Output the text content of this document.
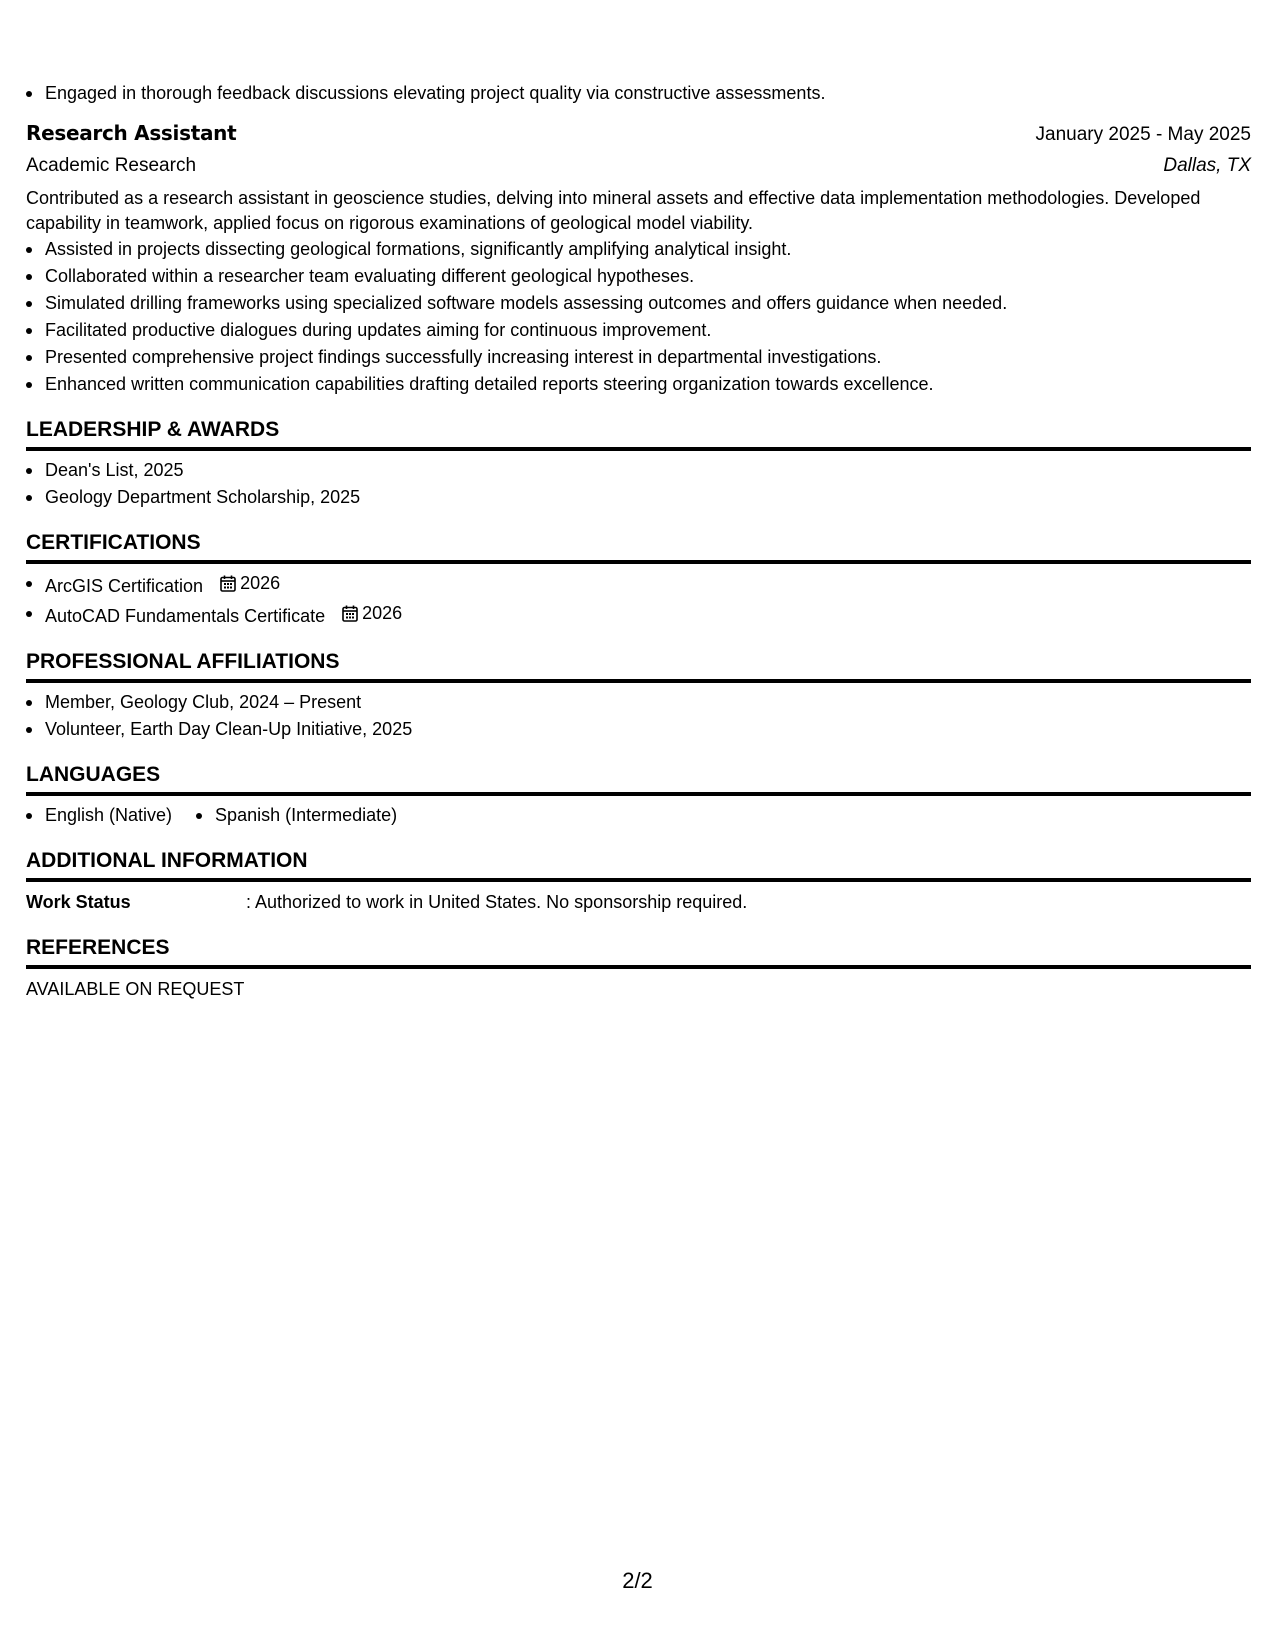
Engaged in thorough feedback discussions elevating project quality via constructive assessments.
Research Assistant	January 2025 - May 2025
Academic Research	Dallas, TX

Contributed as a research assistant in geoscience studies, delving into mineral assets and effective data implementation methodologies. Developed capability in teamwork, applied focus on rigorous examinations of geological model viability.

Assisted in projects dissecting geological formations, significantly amplifying analytical insight.
Collaborated within a researcher team evaluating different geological hypotheses.
Simulated drilling frameworks using specialized software models assessing outcomes and offers guidance when needed.
Facilitated productive dialogues during updates aiming for continuous improvement.
Presented comprehensive project findings successfully increasing interest in departmental investigations.
Enhanced written communication capabilities drafting detailed reports steering organization towards excellence.
LEADERSHIP & AWARDS
Dean's List, 2025
Geology Department Scholarship, 2025
CERTIFICATIONS
ArcGIS Certification 2026
AutoCAD Fundamentals Certificate 2026
PROFESSIONAL AFFILIATIONS
Member, Geology Club, 2024 – Present
Volunteer, Earth Day Clean-Up Initiative, 2025
LANGUAGES
English (Native)	Spanish (Intermediate)
ADDITIONAL INFORMATION
Work Status	: Authorized to work in United States. No sponsorship required.
REFERENCES
AVAILABLE ON REQUEST
2/2
